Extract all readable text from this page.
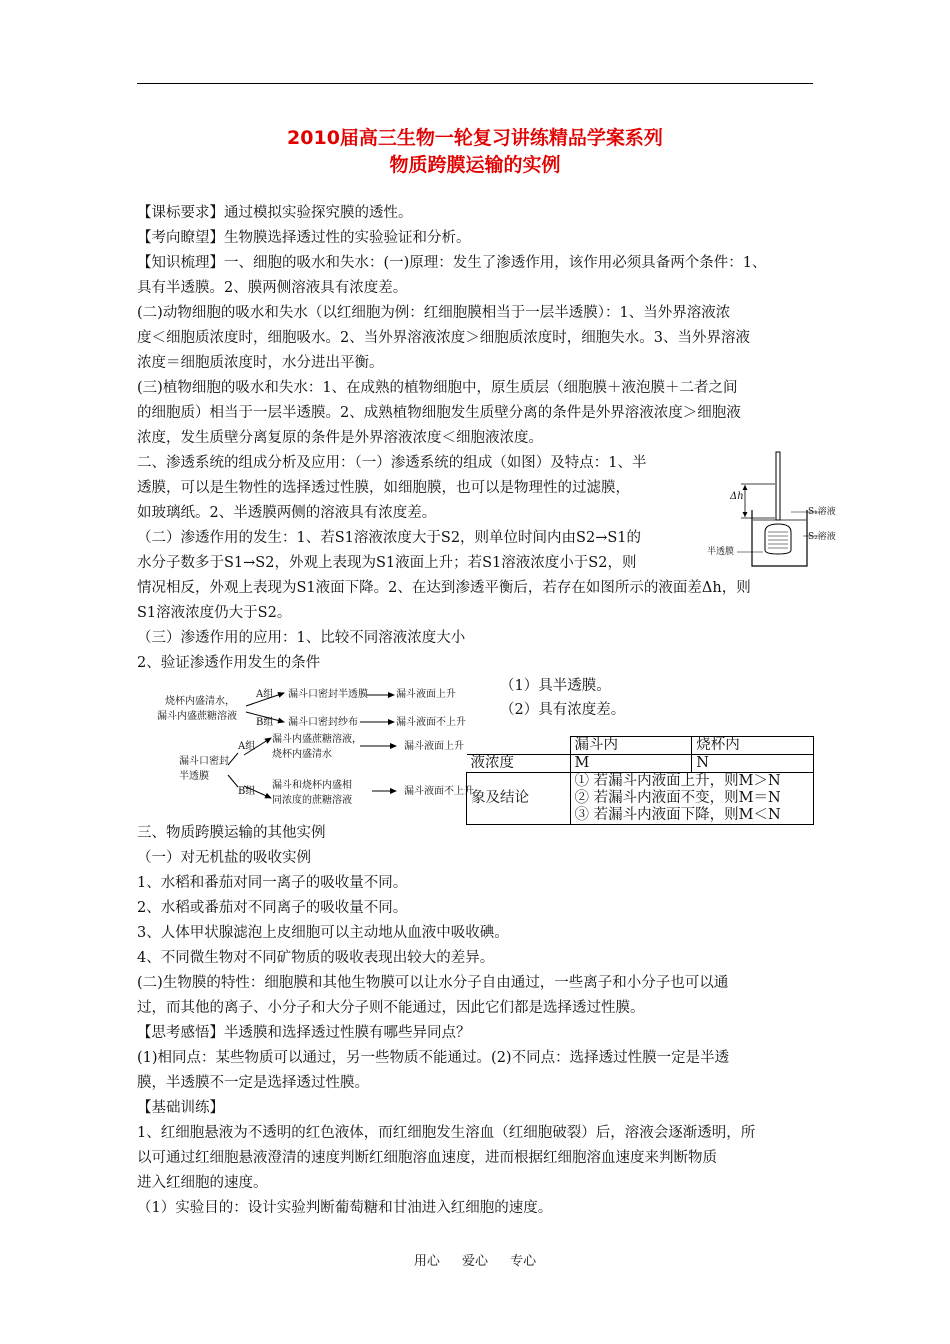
2010届高三生物一轮复习讲练精品学案系列
物质跨膜运输的实例
【课标要求】通过模拟实验探究膜的透性。
【考向瞭望】生物膜选择透过性的实验验证和分析。
【知识梳理】一、细胞的吸水和失水：(一)原理：发生了渗透作用，该作用必须具备两个条件：1、
具有半透膜。2、膜两侧溶液具有浓度差。
(二)动物细胞的吸水和失水（以红细胞为例：红细胞膜相当于一层半透膜）：1、当外界溶液浓
度＜细胞质浓度时，细胞吸水。2、当外界溶液浓度＞细胞质浓度时，细胞失水。3、当外界溶液
浓度＝细胞质浓度时，水分进出平衡。
(三)植物细胞的吸水和失水：1、在成熟的植物细胞中，原生质层（细胞膜＋液泡膜＋二者之间
的细胞质）相当于一层半透膜。2、成熟植物细胞发生质壁分离的条件是外界溶液浓度＞细胞液
浓度，发生质壁分离复原的条件是外界溶液浓度＜细胞液浓度。
二、渗透系统的组成分析及应用：（一）渗透系统的组成（如图）及特点：1、半
透膜，可以是生物性的选择透过性膜，如细胞膜，也可以是物理性的过滤膜，
如玻璃纸。2、半透膜两侧的溶液具有浓度差。
（二）渗透作用的发生：1、若S1溶液浓度大于S2，则单位时间内由S2→S1的
水分子数多于S1→S2，外观上表现为S1液面上升；若S1溶液浓度小于S2，则
情况相反，外观上表现为S1液面下降。2、在达到渗透平衡后，若存在如图所示的液面差Δh，则
S1溶液浓度仍大于S2。
（三）渗透作用的应用：1、比较不同溶液浓度大小
2、验证渗透作用发生的条件
Δh
S₁溶液
S₂溶液
半透膜
烧杯内盛清水，
漏斗内盛蔗糖溶液
A组
B组
漏斗口密封半透膜
漏斗口密封纱布
漏斗液面上升
漏斗液面不上升
漏斗口密封
半透膜
A组
B组
漏斗内盛蔗糖溶液，
烧杯内盛清水
漏斗液面上升
漏斗和烧杯内盛相
同浓度的蔗糖溶液
漏斗液面不上升
（1）具半透膜。
（2）具有浓度差。
	漏斗内	烧杯内
液浓度	M	N
象及结论	① 若漏斗内液面上升，则M＞N	
	② 若漏斗内液面不变，则M＝N	
	③ 若漏斗内液面下降，则M＜N	
三、物质跨膜运输的其他实例
（一）对无机盐的吸收实例
1、水稻和番茄对同一离子的吸收量不同。
2、水稻或番茄对不同离子的吸收量不同。
3、人体甲状腺滤泡上皮细胞可以主动地从血液中吸收碘。
4、不同微生物对不同矿物质的吸收表现出较大的差异。
(二)生物膜的特性：细胞膜和其他生物膜可以让水分子自由通过，一些离子和小分子也可以通
过，而其他的离子、小分子和大分子则不能通过，因此它们都是选择透过性膜。
【思考感悟】半透膜和选择透过性膜有哪些异同点？
(1)相同点：某些物质可以通过，另一些物质不能通过。(2)不同点：选择透过性膜一定是半透
膜，半透膜不一定是选择透过性膜。
【基础训练】
1、红细胞悬液为不透明的红色液体，而红细胞发生溶血（红细胞破裂）后，溶液会逐渐透明，所
以可通过红细胞悬液澄清的速度判断红细胞溶血速度，进而根据红细胞溶血速度来判断物质
进入红细胞的速度。
（1）实验目的：设计实验判断葡萄糖和甘油进入红细胞的速度。
用心 爱心 专心
